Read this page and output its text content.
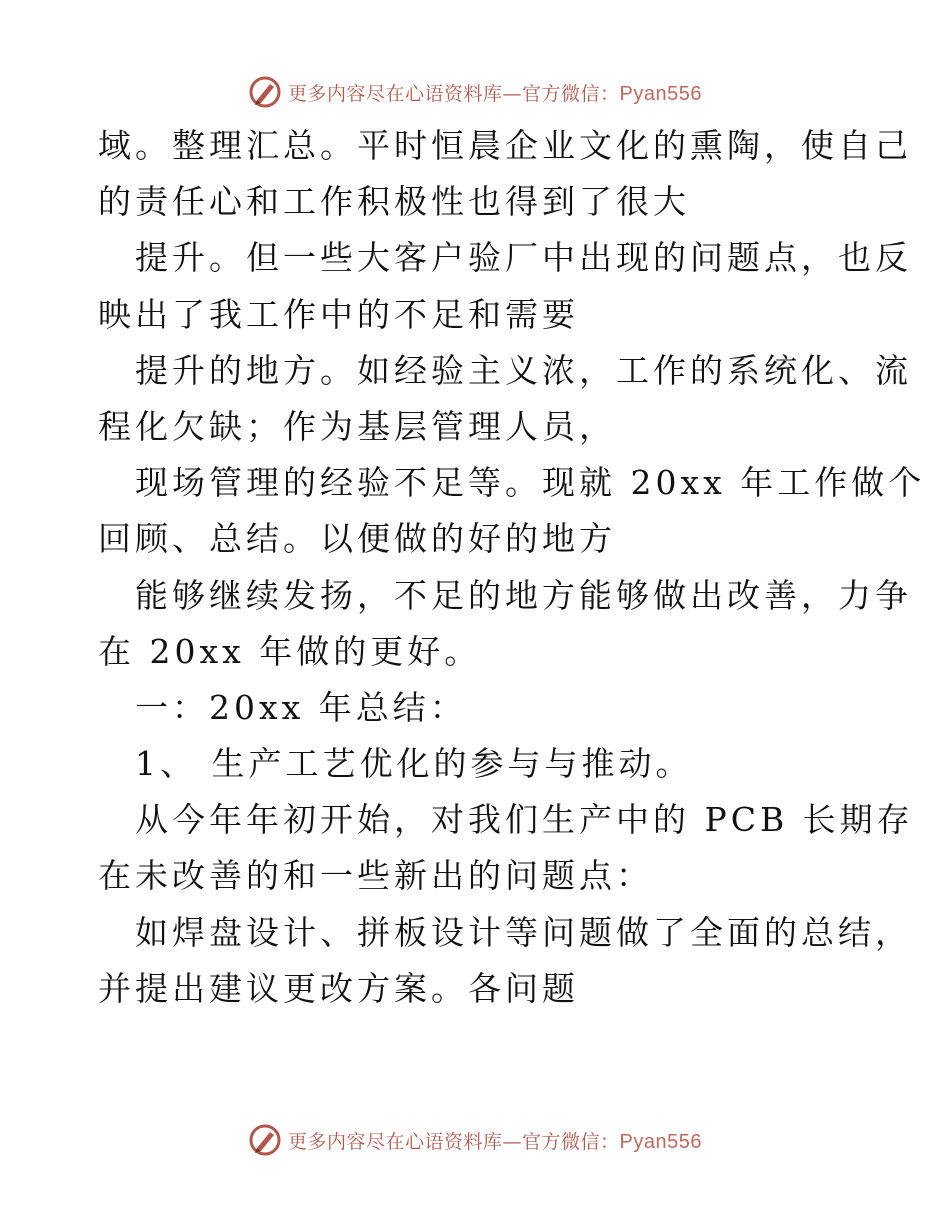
更多内容尽在心语资料库—官方微信：Pyan556
域。整理汇总。平时恒晨企业文化的熏陶，使自己
的责任心和工作积极性也得到了很大
提升。但一些大客户验厂中出现的问题点，也反
映出了我工作中的不足和需要
提升的地方。如经验主义浓，工作的系统化、流
程化欠缺；作为基层管理人员，
现场管理的经验不足等。现就 20xx 年工作做个
回顾、总结。以便做的好的地方
能够继续发扬，不足的地方能够做出改善，力争
在 20xx 年做的更好。
一：20xx 年总结：
1、 生产工艺优化的参与与推动。
从今年年初开始，对我们生产中的 PCB 长期存
在未改善的和一些新出的问题点：
如焊盘设计、拼板设计等问题做了全面的总结，
并提出建议更改方案。各问题
更多内容尽在心语资料库—官方微信：Pyan556
